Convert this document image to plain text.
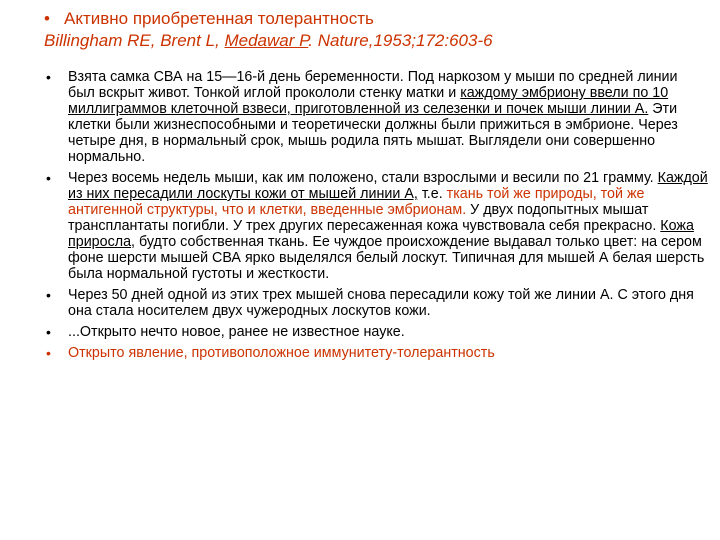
• Активно приобретенная толерантность
Billingham RE, Brent L, Medawar P. Nature,1953;172:603-6
• Взята самка СВА на 15—16-й день беременности. Под наркозом у мыши по средней линии был вскрыт живот. Тонкой иглой прокололи стенку матки и каждому эмбриону ввели по 10 миллиграммов клеточной взвеси, приготовленной из селезенки и почек мыши линии А. Эти клетки были жизнеспособными и теоретически должны были прижиться в эмбрионе. Через четыре дня, в нормальный срок, мышь родила пять мышат. Выглядели они совершенно нормально.
• Через восемь недель мыши, как им положено, стали взрослыми и весили по 21 грамму. Каждой из них пересадили лоскуты кожи от мышей линии А, т.е. ткань той же природы, той же антигенной структуры, что и клетки, введенные эмбрионам. У двух подопытных мышат трансплантаты погибли. У трех других пересаженная кожа чувствовала себя прекрасно. Кожа приросла, будто собственная ткань. Ее чуждое происхождение выдавал только цвет: на сером фоне шерсти мышей СВА ярко выделялся белый лоскут. Типичная для мышей А белая шерсть была нормальной густоты и жесткости.
• Через 50 дней одной из этих трех мышей снова пересадили кожу той же линии А. С этого дня она стала носителем двух чужеродных лоскутов кожи.
• ...Открыто нечто новое, ранее не известное науке.
• Открыто явление, противоположное иммунитету-толерантность
